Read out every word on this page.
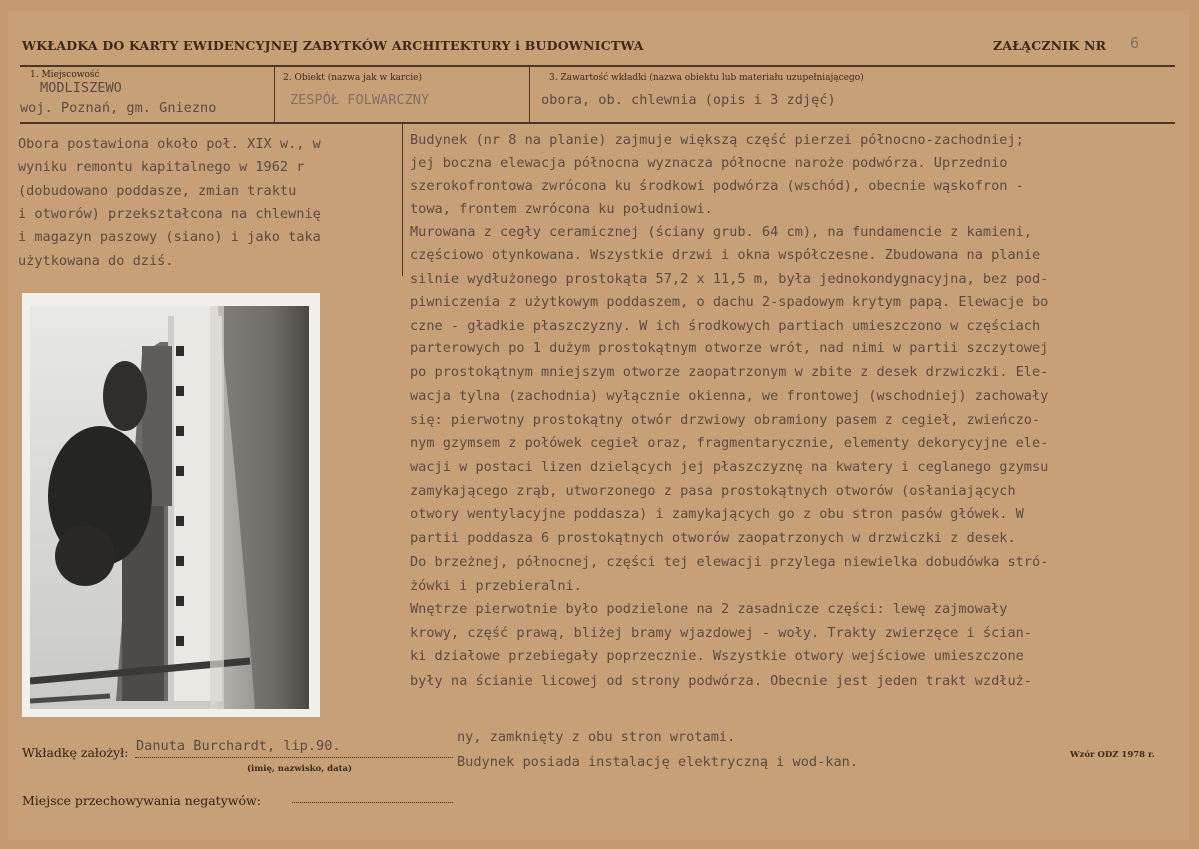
WKŁADKA DO KARTY EWIDENCYJNEJ ZABYTKÓW ARCHITEKTURY i BUDOWNICTWA	ZAŁĄCZNIK NR 6
1. Miejscowość
MODLISZEWO
woj. Poznań, gm. Gniezno
2. Obiekt (nazwa jak w karcie)
ZESPÓŁ FOLWARCZNY
3. Zawartość wkładki (nazwa obiektu lub materiału uzupełniającego)
obora, ob. chlewnia (opis i 3 zdjęć)
Obora postawiona około poł. XIX w., w
wyniku remontu kapitalnego w 1962 r
(dobudowano poddasze, zmian traktu
i otworów) przekształcona na chlewnię
i magazyn paszowy (siano) i jako taka
użytkowana do dziś.
Budynek (nr 8 na planie) zajmuje większą część pierzei północno-zachodniej;
jej boczna elewacja północna wyznacza północne naroże podwórza. Uprzednio
szerokofrontowa zwrócona ku środkowi podwórza (wschód), obecnie wąskofron -
towa, frontem zwrócona ku południowi.
Murowana z cegły ceramicznej (ściany grub. 64 cm), na fundamencie z kamieni,
częściowo otynkowana. Wszystkie drzwi i okna współczesne. Zbudowana na planie
silnie wydłużonego prostokąta 57,2 x 11,5 m, była jednokondygnacyjna, bez pod-
piwniczenia z użytkowym poddaszem, o dachu 2-spadowym krytym papą. Elewacje bo
czne - gładkie płaszczyzny. W ich środkowych partiach umieszczono w częściach
parterowych po 1 dużym prostokątnym otworze wrót, nad nimi w partii szczytowej
po prostokątnym mniejszym otworze zaopatrzonym w zbite z desek drzwiczki. Ele-
wacja tylna (zachodnia) wyłącznie okienna, we frontowej (wschodniej) zachowały
się: pierwotny prostokątny otwór drzwiowy obramiony pasem z cegieł, zwieńczo-
nym gzymsem z połówek cegieł oraz, fragmentarycznie, elementy dekorycyjne ele-
wacji w postaci lizen dzielących jej płaszczyznę na kwatery i ceglanego gzymsu
zamykającego zrąb, utworzonego z pasa prostokątnych otworów (osłaniających
otwory wentylacyjne poddasza) i zamykających go z obu stron pasów główek. W
partii poddasza 6 prostokątnych otworów zaopatrzonych w drzwiczki z desek.
Do brzeżnej, północnej, części tej elewacji przylega niewielka dobudówka stró-
żówki i przebieralni.
Wnętrze pierwotnie było podzielone na 2 zasadnicze części: lewę zajmowały
krowy, część prawą, bliżej bramy wjazdowej - woły. Trakty zwierzęce i ścian-
ki działowe przebiegały poprzecznie. Wszystkie otwory wejściowe umieszczone
były na ścianie licowej od strony podwórza. Obecnie jest jeden trakt wzdłuż-
ny, zamknięty z obu stron wrotami.
Budynek posiada instalację elektryczną i wod-kan.
Wkładkę założył: Danuta Burchardt, lip.90.
(imię, nazwisko, data)
Miejsce przechowywania negatywów:
Wzór ODZ 1978 r.
